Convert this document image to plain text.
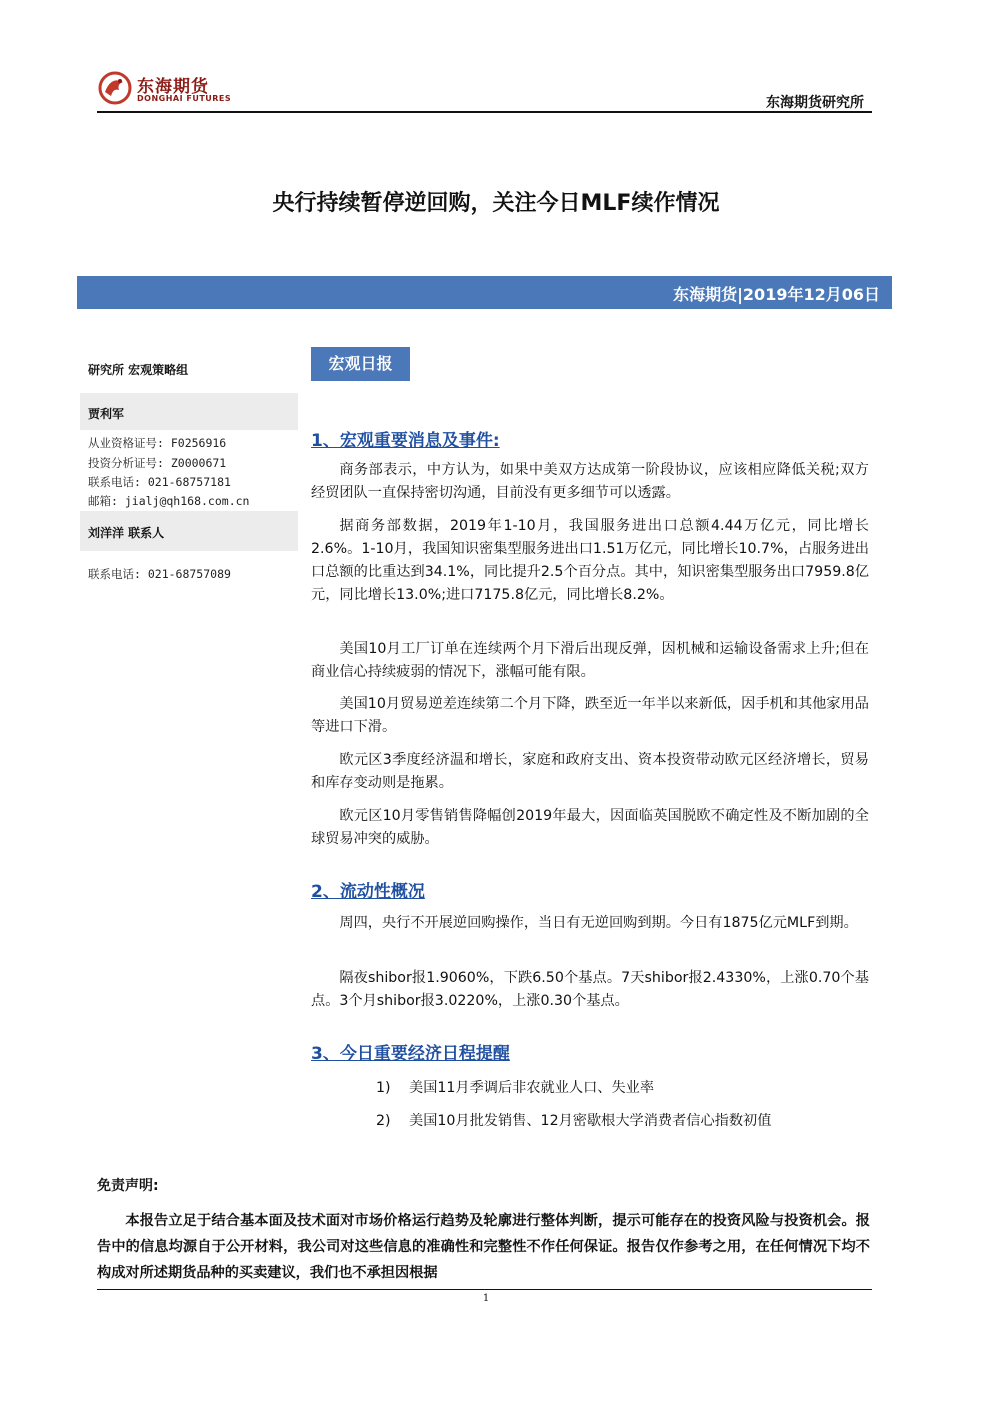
东海期货
DONGHAI FUTURES	东海期货研究所
央行持续暂停逆回购，关注今日MLF续作情况
东海期货|2019年12月06日
研究所 宏观策略组
贾利军
从业资格证号: F0256916
投资分析证号: Z0000671
联系电话: 021-68757181
邮箱: jialj@qh168.com.cn
刘洋洋 联系人
联系电话: 021-68757089
宏观日报
1、宏观重要消息及事件:
商务部表示，中方认为，如果中美双方达成第一阶段协议，应该相应降低关税;双方经贸团队一直保持密切沟通，目前没有更多细节可以透露。
据商务部数据，2019年1-10月，我国服务进出口总额4.44万亿元，同比增长2.6%。1-10月，我国知识密集型服务进出口1.51万亿元，同比增长10.7%，占服务进出口总额的比重达到34.1%，同比提升2.5个百分点。其中，知识密集型服务出口7959.8亿元，同比增长13.0%;进口7175.8亿元，同比增长8.2%。
美国10月工厂订单在连续两个月下滑后出现反弹，因机械和运输设备需求上升;但在商业信心持续疲弱的情况下，涨幅可能有限。
美国10月贸易逆差连续第二个月下降，跌至近一年半以来新低，因手机和其他家用品等进口下滑。
欧元区3季度经济温和增长，家庭和政府支出、资本投资带动欧元区经济增长，贸易和库存变动则是拖累。
欧元区10月零售销售降幅创2019年最大，因面临英国脱欧不确定性及不断加剧的全球贸易冲突的威胁。
2、流动性概况
周四，央行不开展逆回购操作，当日有无逆回购到期。今日有1875亿元MLF到期。
隔夜shibor报1.9060%，下跌6.50个基点。7天shibor报2.4330%，上涨0.70个基点。3个月shibor报3.0220%，上涨0.30个基点。
3、今日重要经济日程提醒
1) 美国11月季调后非农就业人口、失业率
2) 美国10月批发销售、12月密歇根大学消费者信心指数初值
免责声明:
本报告立足于结合基本面及技术面对市场价格运行趋势及轮廓进行整体判断，提示可能存在的投资风险与投资机会。报告中的信息均源自于公开材料，我公司对这些信息的准确性和完整性不作任何保证。报告仅作参考之用，在任何情况下均不构成对所述期货品种的买卖建议，我们也不承担因根据
1
